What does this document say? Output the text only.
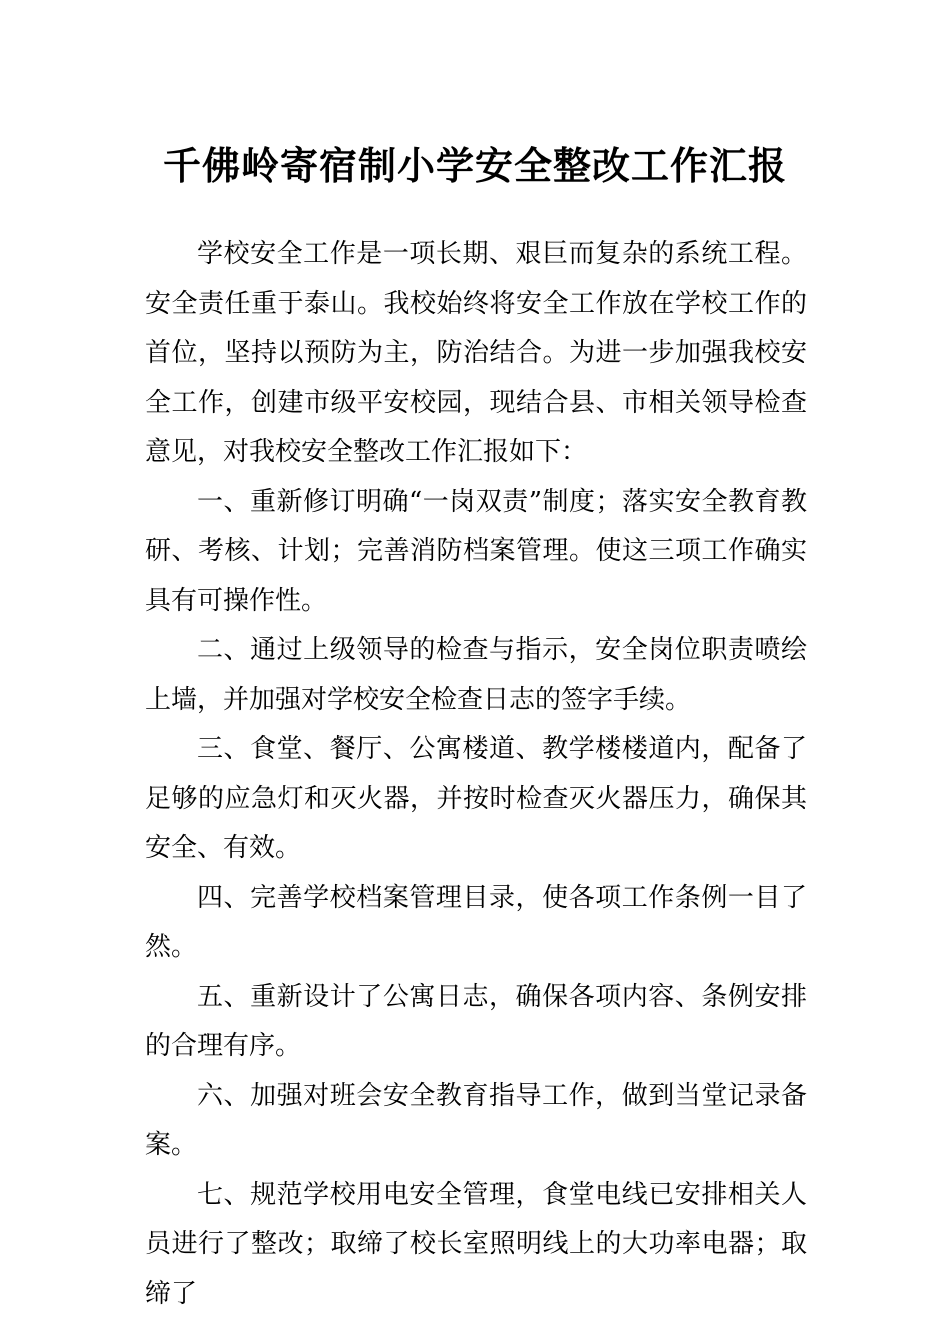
千佛岭寄宿制小学安全整改工作汇报

学校安全工作是一项长期、艰巨而复杂的系统工程。安全责任重于泰山。我校始终将安全工作放在学校工作的首位，坚持以预防为主，防治结合。为进一步加强我校安全工作，创建市级平安校园，现结合县、市相关领导检查意见，对我校安全整改工作汇报如下：

一、重新修订明确“一岗双责”制度；落实安全教育教研、考核、计划；完善消防档案管理。使这三项工作确实具有可操作性。

二、通过上级领导的检查与指示，安全岗位职责喷绘上墙，并加强对学校安全检查日志的签字手续。

三、食堂、餐厅、公寓楼道、教学楼楼道内，配备了足够的应急灯和灭火器，并按时检查灭火器压力，确保其安全、有效。

四、完善学校档案管理目录，使各项工作条例一目了然。

五、重新设计了公寓日志，确保各项内容、条例安排的合理有序。

六、加强对班会安全教育指导工作，做到当堂记录备案。

七、规范学校用电安全管理，食堂电线已安排相关人员进行了整改；取缔了校长室照明线上的大功率电器；取缔了
